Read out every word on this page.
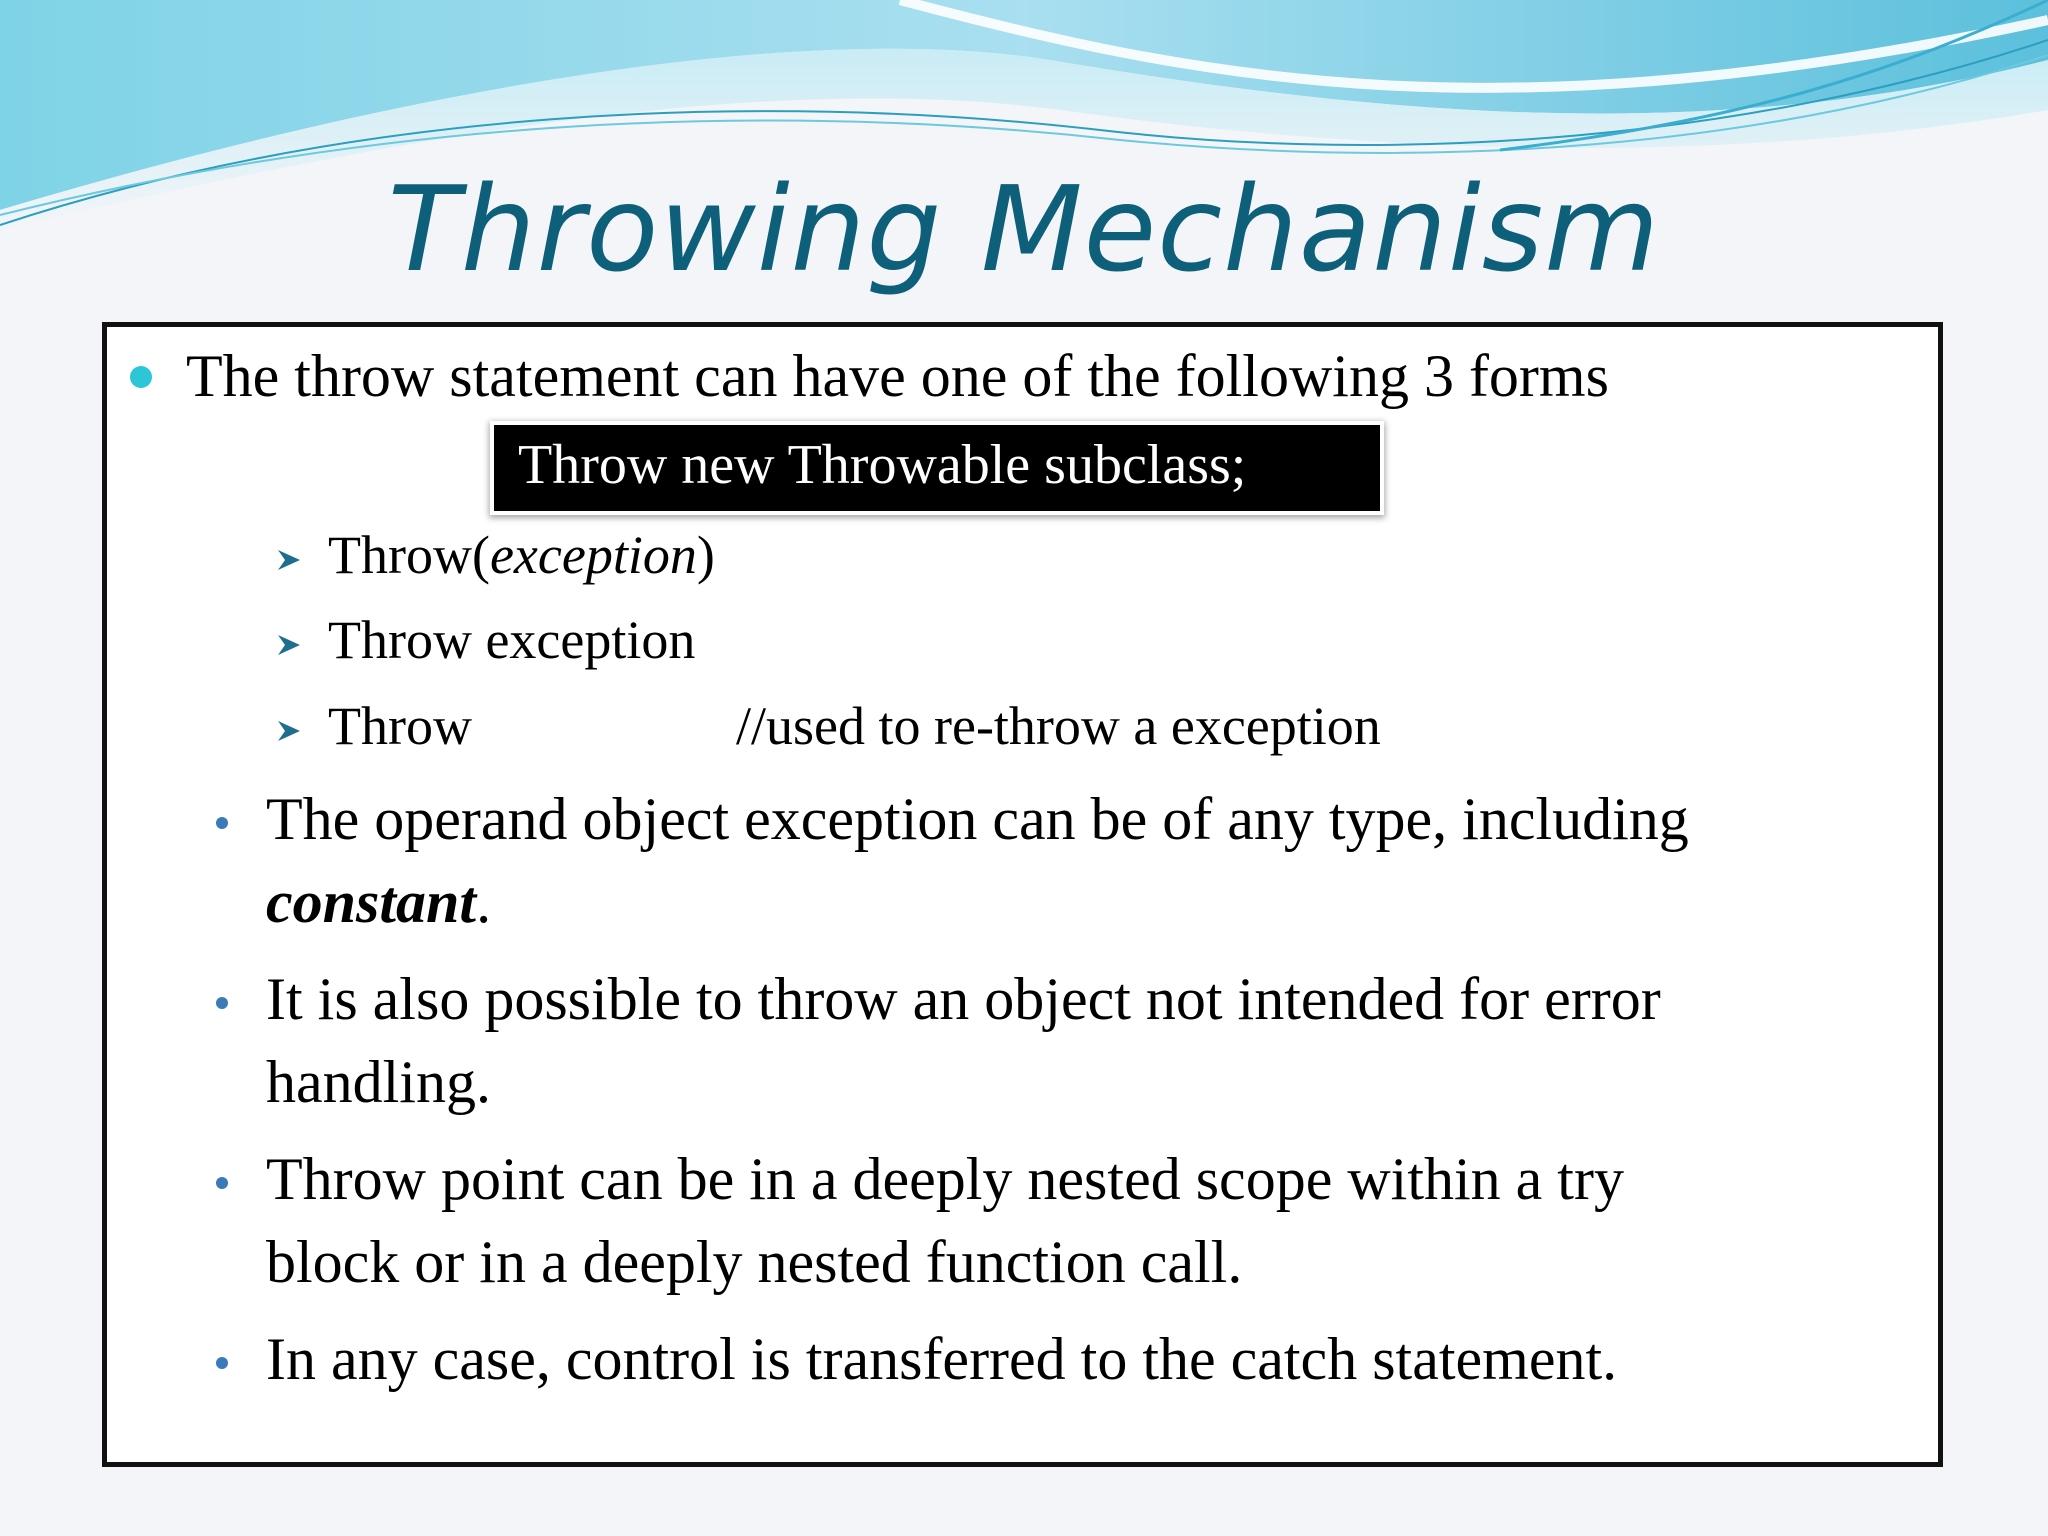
Throwing Mechanism
The throw statement can have one of the following 3 forms
Throw new Throwable subclass;
Throw(exception)
Throw exception
Throw	//used to re-throw a exception
The operand object exception can be of any type, including
constant.
It is also possible to throw an object not intended for error
handling.
Throw point can be in a deeply nested scope within a try
block or in a deeply nested function call.
In any case, control is transferred to the catch statement.
